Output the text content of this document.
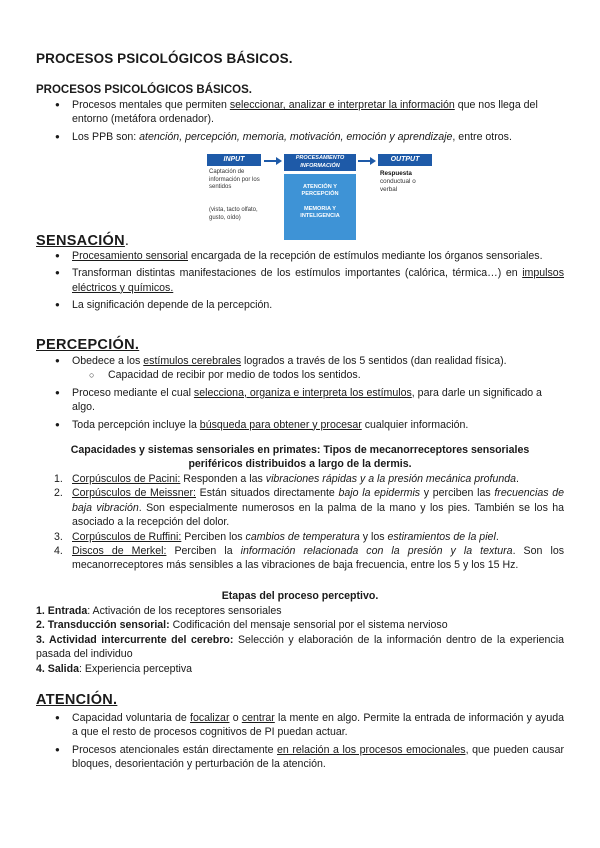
PROCESOS PSICOLÓGICOS BÁSICOS.
PROCESOS PSICOLÓGICOS BÁSICOS.
● Procesos mentales que permiten seleccionar, analizar e interpretar la información que nos llega del entorno (metáfora ordenador).
● Los PPB son: atención, percepción, memoria, motivación, emoción y aprendizaje, entre otros.
INPUT
Captación de información por los sentidos
(vista, tacto olfato, gusto, oído)
PROCESAMIENTO INFORMACIÓN
ATENCIÓN Y PERCEPCIÓN
MEMORIA Y INTELIGENCIA
OUTPUT
Respuesta
conductual o verbal
SENSACIÓN.
● Procesamiento sensorial encargada de la recepción de estímulos mediante los órganos sensoriales.
● Transforman distintas manifestaciones de los estímulos importantes (calórica, térmica…) en impulsos eléctricos y químicos.
● La significación depende de la percepción.
PERCEPCIÓN.
● Obedece a los estímulos cerebrales logrados a través de los 5 sentidos (dan realidad física).
○ Capacidad de recibir por medio de todos los sentidos.
● Proceso mediante el cual selecciona, organiza e interpreta los estímulos, para darle un significado a algo.
● Toda percepción incluye la búsqueda para obtener y procesar cualquier información.
Capacidades y sistemas sensoriales en primates: Tipos de mecanorreceptores sensoriales periféricos distribuidos a largo de la dermis.
1. Corpúsculos de Pacini: Responden a las vibraciones rápidas y a la presión mecánica profunda.
2. Corpúsculos de Meissner: Están situados directamente bajo la epidermis y perciben las frecuencias de baja vibración. Son especialmente numerosos en la palma de la mano y los pies. También se los ha asociado a la recepción del dolor.
3. Corpúsculos de Ruffini: Perciben los cambios de temperatura y los estiramientos de la piel.
4. Discos de Merkel: Perciben la información relacionada con la presión y la textura. Son los mecanorreceptores más sensibles a las vibraciones de baja frecuencia, entre los 5 y los 15 Hz.
Etapas del proceso perceptivo.
1. Entrada: Activación de los receptores sensoriales
2. Transducción sensorial: Codificación del mensaje sensorial por el sistema nervioso
3. Actividad intercurrente del cerebro: Selección y elaboración de la información dentro de la experiencia pasada del individuo
4. Salida: Experiencia perceptiva
ATENCIÓN.
● Capacidad voluntaria de focalizar o centrar la mente en algo. Permite la entrada de información y ayuda a que el resto de procesos cognitivos de PI puedan actuar.
● Procesos atencionales están directamente en relación a los procesos emocionales, que pueden causar bloques, desorientación y perturbación de la atención.
